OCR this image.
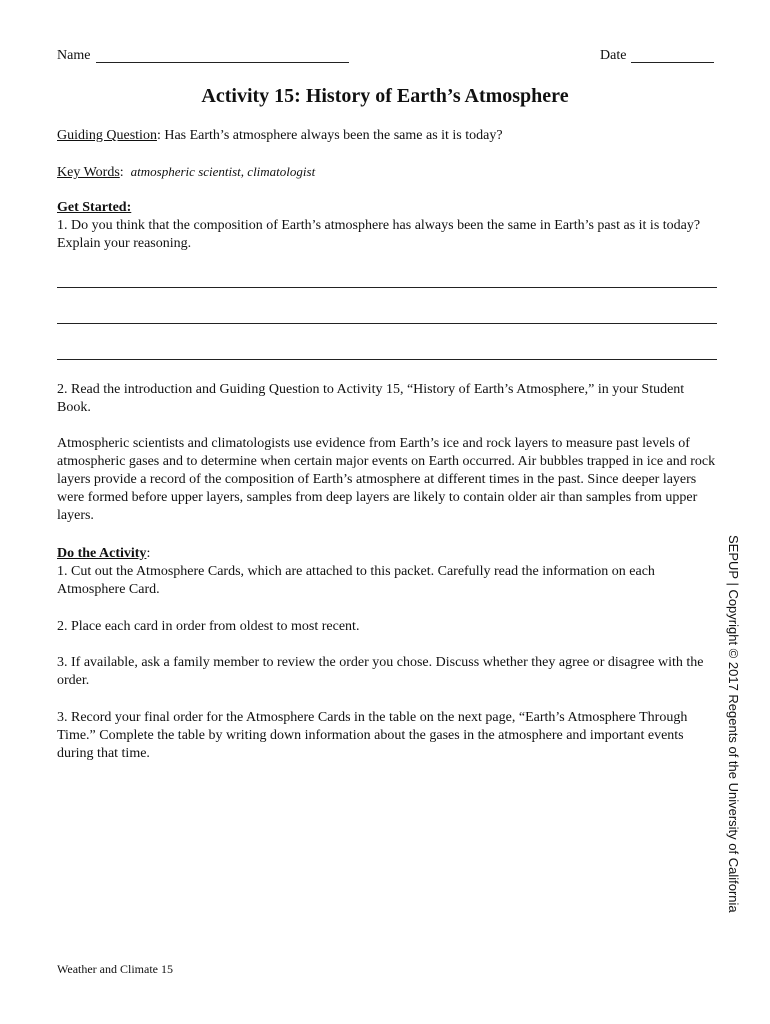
Name	Date
Activity 15: History of Earth’s Atmosphere
Guiding Question: Has Earth’s atmosphere always been the same as it is today?
Key Words:  atmospheric scientist, climatologist
Get Started:
1. Do you think that the composition of Earth’s atmosphere has always been the same in Earth’s past as it is today? Explain your reasoning.
2. Read the introduction and Guiding Question to Activity 15, “History of Earth’s Atmosphere,” in your Student Book.
Atmospheric scientists and climatologists use evidence from Earth’s ice and rock layers to measure past levels of atmospheric gases and to determine when certain major events on Earth occurred. Air bubbles trapped in ice and rock layers provide a record of the composition of Earth’s atmosphere at different times in the past. Since deeper layers were formed before upper layers, samples from deep layers are likely to contain older air than samples from upper layers.
Do the Activity:
1. Cut out the Atmosphere Cards, which are attached to this packet. Carefully read the information on each Atmosphere Card.
2. Place each card in order from oldest to most recent.
3. If available, ask a family member to review the order you chose. Discuss whether they agree or disagree with the order.
3. Record your final order for the Atmosphere Cards in the table on the next page, “Earth’s Atmosphere Through Time.” Complete the table by writing down information about the gases in the atmosphere and important events during that time.	SEPUP | Copyright © 2017 Regents of the University of California
Weather and Climate 15
